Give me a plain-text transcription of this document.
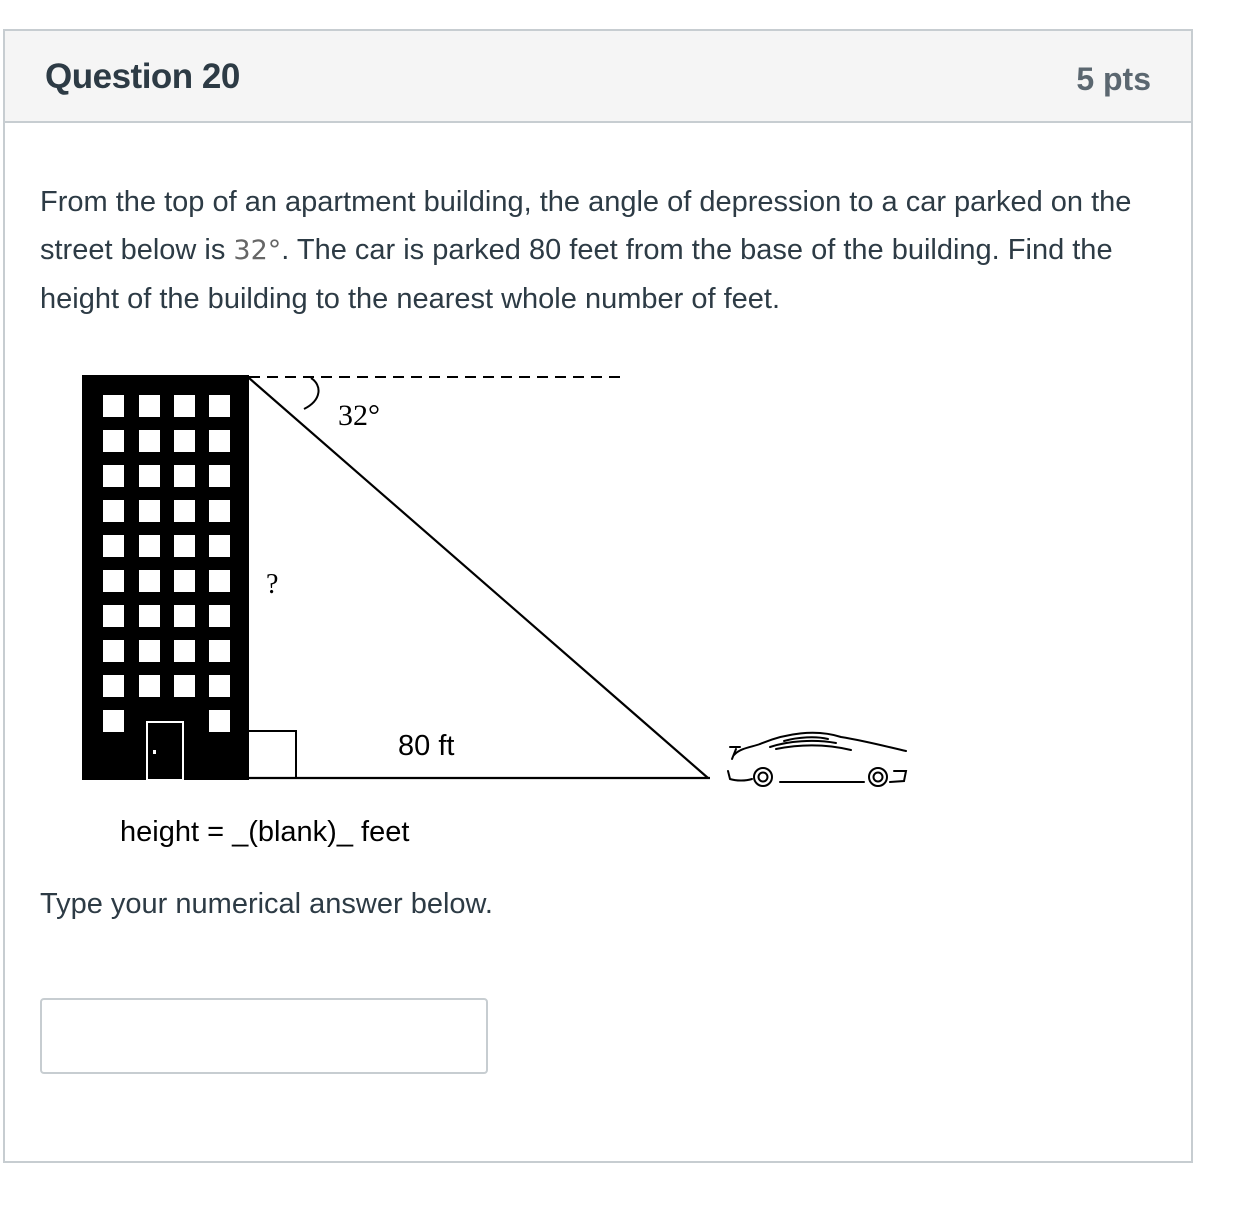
Question 20	5 pts
From the top of an apartment building, the angle of depression to a car parked on the street below is 32°. The car is parked 80 feet from the base of the building. Find the height of the building to the nearest whole number of feet.
32°
?
80 ft
height = _(blank)_ feet
Type your numerical answer below.
